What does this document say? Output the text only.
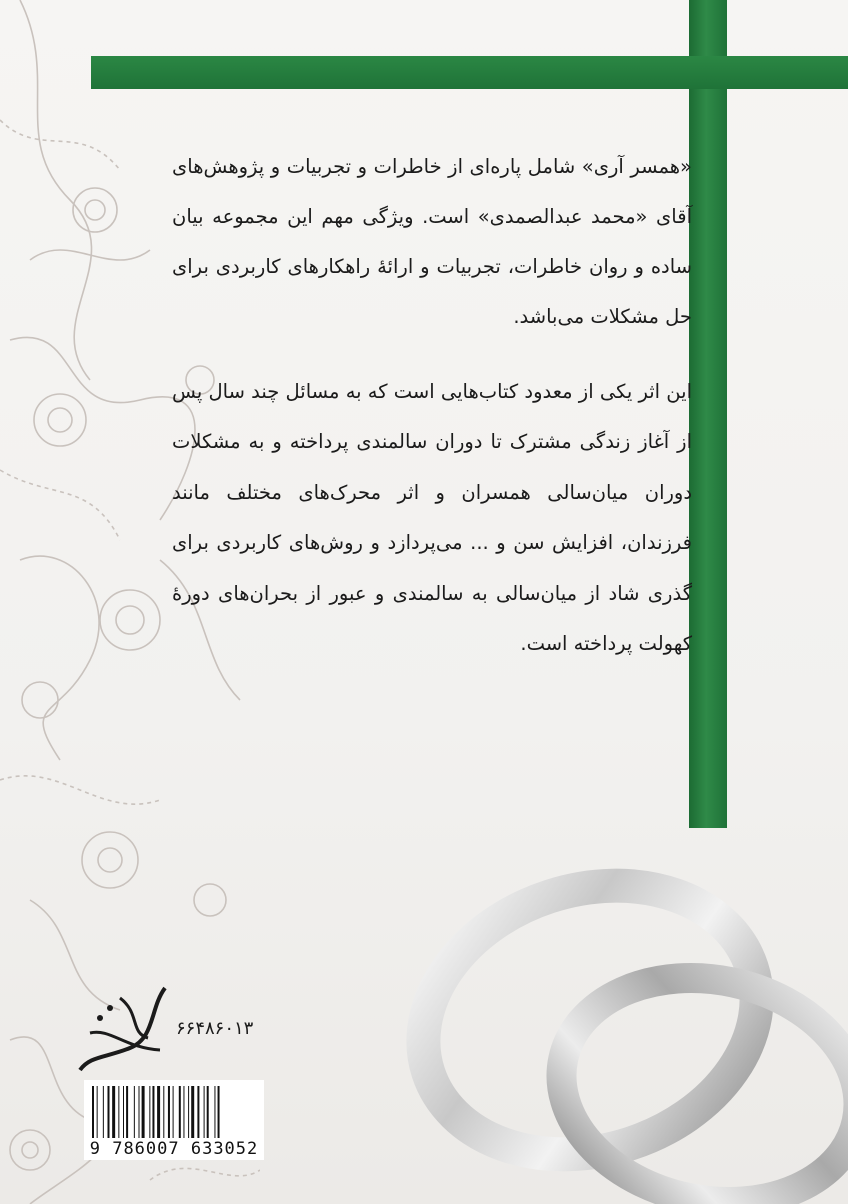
«همسر آری» شامل پاره‌ای از خاطرات و تجربیات و پژوهش‌های آقای «محمد عبدالصمدی» است. ویژگی مهم این مجموعه بیان ساده و روان خاطرات، تجربیات و ارائهٔ راهکارهای کاربردی برای حل مشکلات می‌باشد.

این اثر یکی از معدود کتاب‌هایی است که به مسائل چند سال پس از آغاز زندگی مشترک تا دوران سالمندی پرداخته و به مشکلات دوران میان‌سالی همسران و اثر محرک‌های مختلف مانند فرزندان، افزایش سن و ... می‌پردازد و روش‌های کاربردی برای گذری شاد از میان‌سالی به سالمندی و عبور از بحران‌های دورهٔ کهولت پرداخته است.

۶۶۴۸۶۰۱۳
9 786007 633052
